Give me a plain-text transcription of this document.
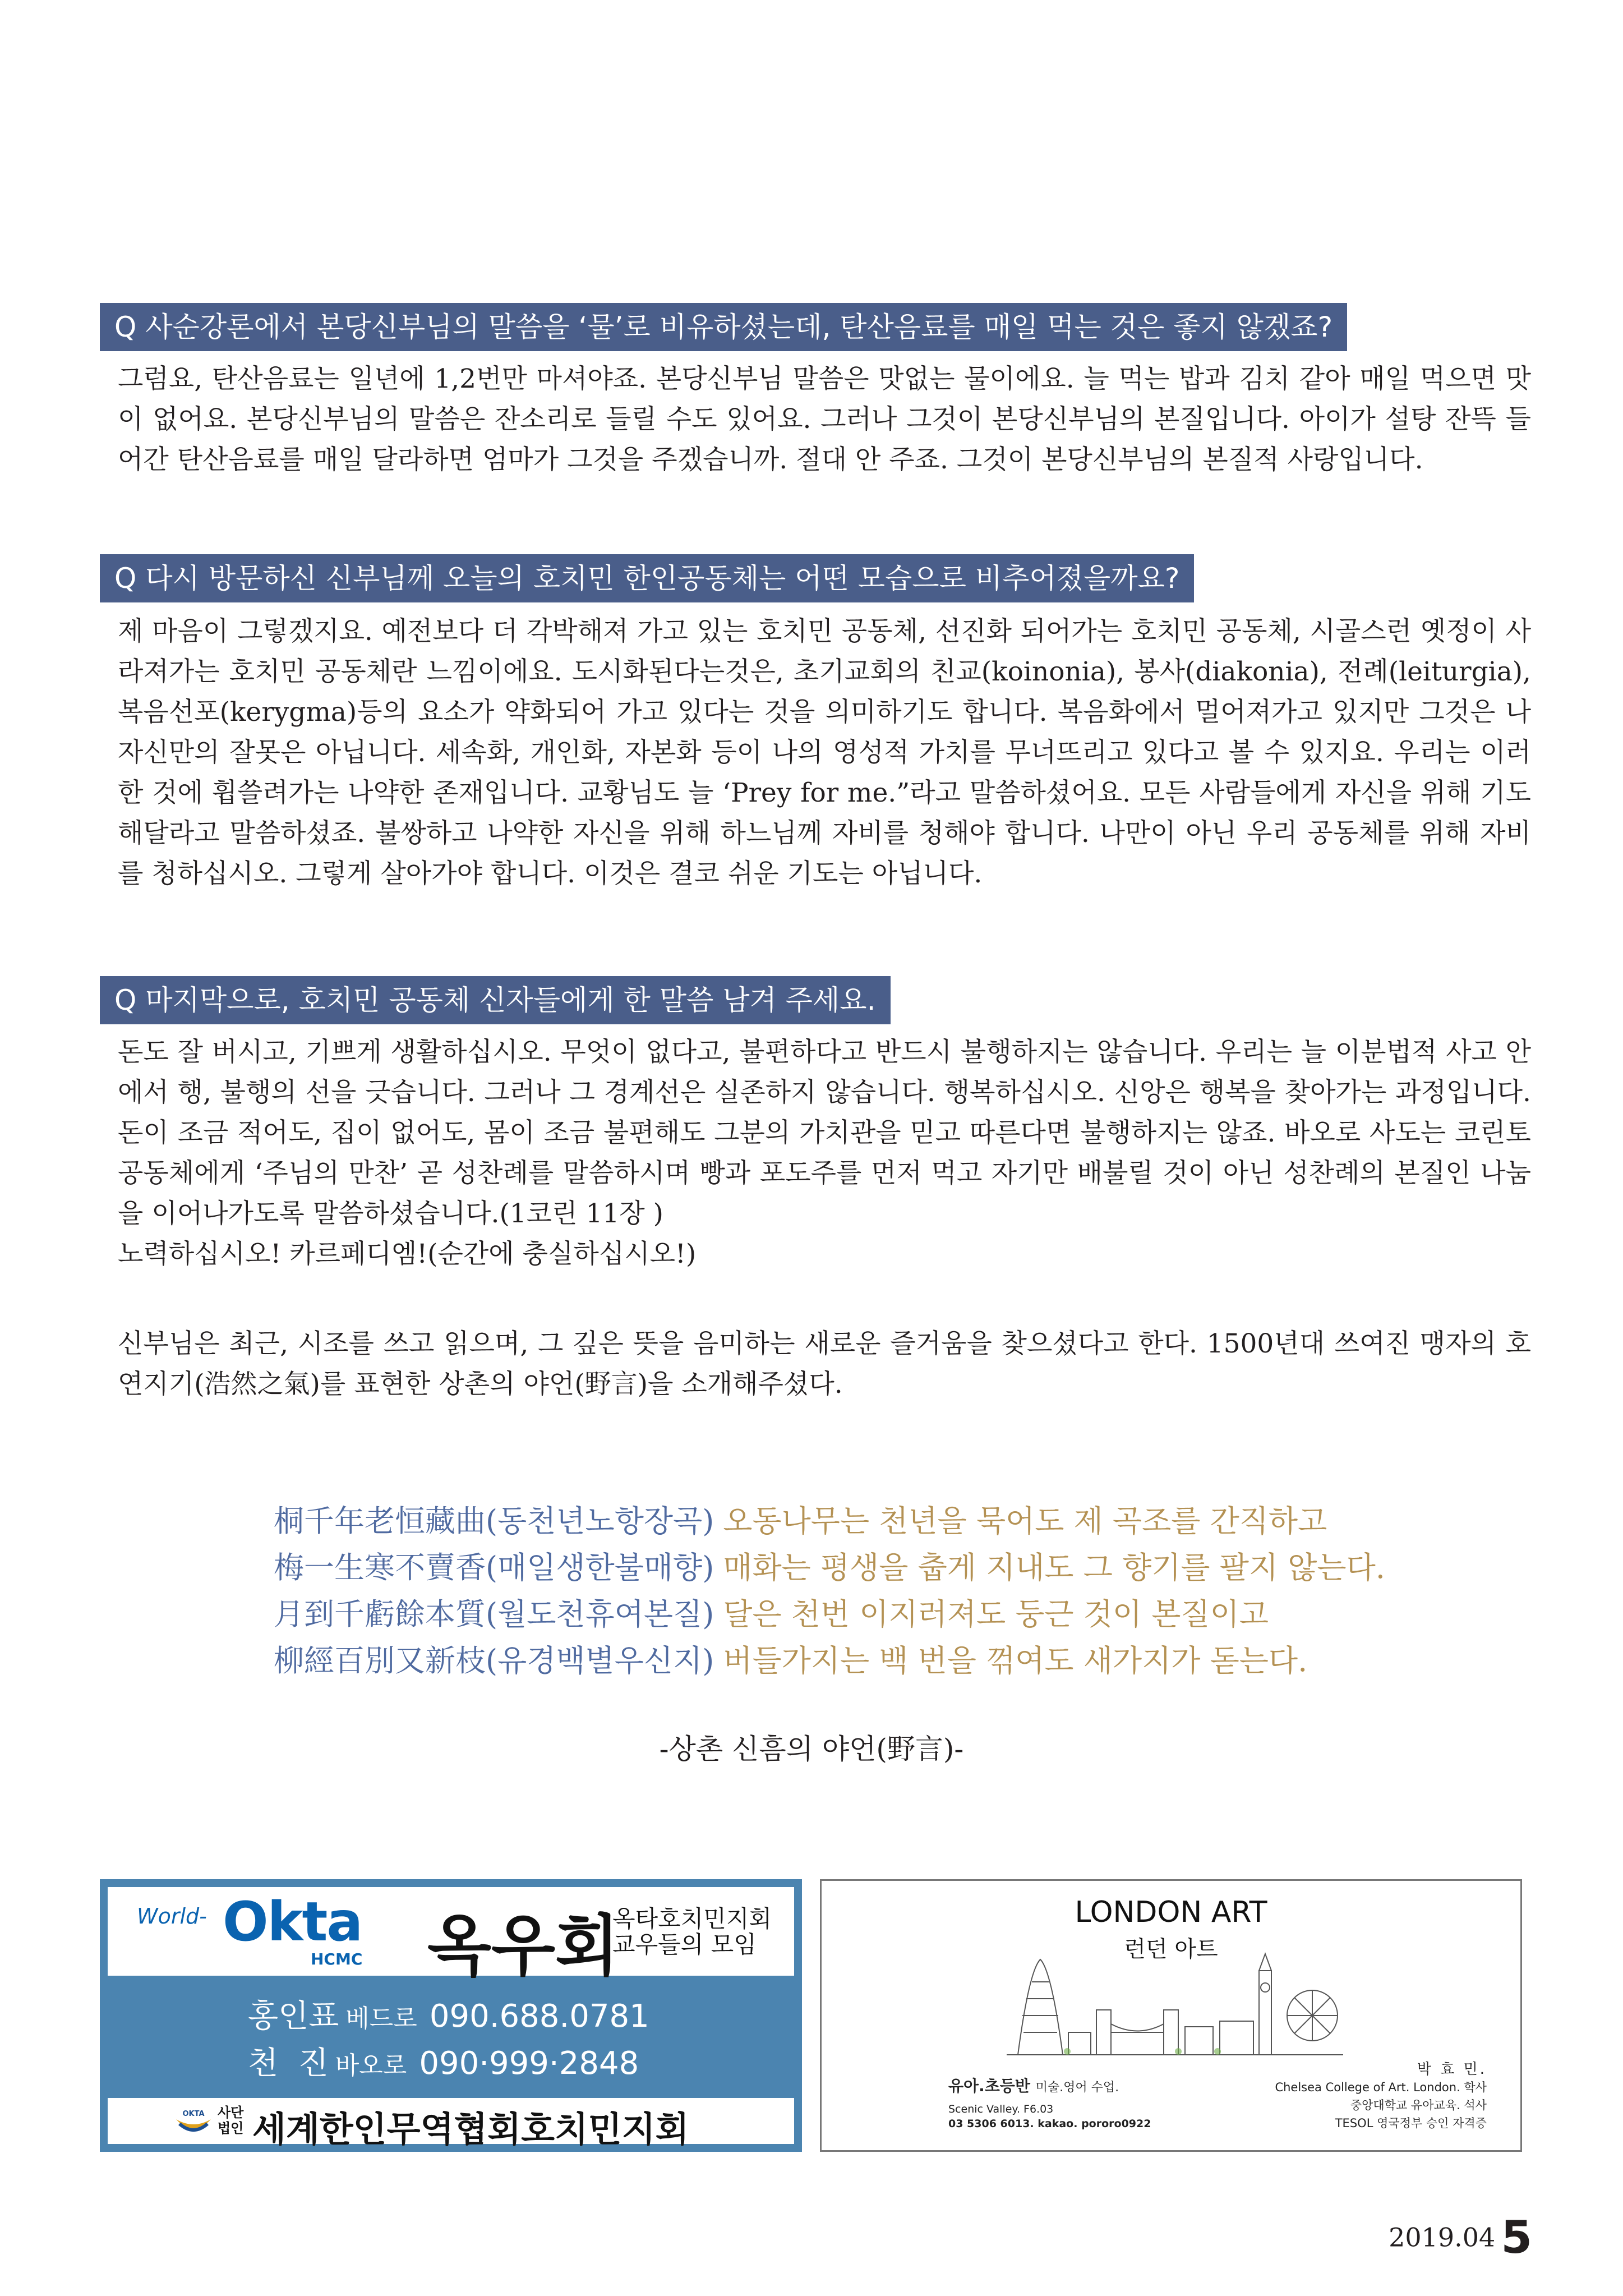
Q 사순강론에서 본당신부님의 말씀을 ‘물’로 비유하셨는데, 탄산음료를 매일 먹는 것은 좋지 않겠죠?

그럼요, 탄산음료는 일년에 1,2번만 마셔야죠. 본당신부님 말씀은 맛없는 물이에요. 늘 먹는 밥과 김치 같아 매일 먹으면 맛이 없어요. 본당신부님의 말씀은 잔소리로 들릴 수도 있어요. 그러나 그것이 본당신부님의 본질입니다. 아이가 설탕 잔뜩 들어간 탄산음료를 매일 달라하면 엄마가 그것을 주겠습니까. 절대 안 주죠. 그것이 본당신부님의 본질적 사랑입니다.

Q 다시 방문하신 신부님께 오늘의 호치민 한인공동체는 어떤 모습으로 비추어졌을까요?

제 마음이 그렇겠지요. 예전보다 더 각박해져 가고 있는 호치민 공동체, 선진화 되어가는 호치민 공동체, 시골스런 옛정이 사라져가는 호치민 공동체란 느낌이에요. 도시화된다는것은, 초기교회의 친교(koinonia), 봉사(diakonia), 전례(leiturgia), 복음선포(kerygma)등의 요소가 약화되어 가고 있다는 것을 의미하기도 합니다. 복음화에서 멀어져가고 있지만 그것은 나 자신만의 잘못은 아닙니다. 세속화, 개인화, 자본화 등이 나의 영성적 가치를 무너뜨리고 있다고 볼 수 있지요. 우리는 이러한 것에 휩쓸려가는 나약한 존재입니다. 교황님도 늘 ‘Prey for me.”라고 말씀하셨어요. 모든 사람들에게 자신을 위해 기도해달라고 말씀하셨죠. 불쌍하고 나약한 자신을 위해 하느님께 자비를 청해야 합니다. 나만이 아닌 우리 공동체를 위해 자비를 청하십시오. 그렇게 살아가야 합니다. 이것은 결코 쉬운 기도는 아닙니다.

Q 마지막으로, 호치민 공동체 신자들에게 한 말씀 남겨 주세요.

돈도 잘 버시고, 기쁘게 생활하십시오. 무엇이 없다고, 불편하다고 반드시 불행하지는 않습니다. 우리는 늘 이분법적 사고 안에서 행, 불행의 선을 긋습니다. 그러나 그 경계선은 실존하지 않습니다. 행복하십시오. 신앙은 행복을 찾아가는 과정입니다. 돈이 조금 적어도, 집이 없어도, 몸이 조금 불편해도 그분의 가치관을 믿고 따른다면 불행하지는 않죠. 바오로 사도는 코린토 공동체에게 ‘주님의 만찬’ 곧 성찬례를 말씀하시며 빵과 포도주를 먼저 먹고 자기만 배불릴 것이 아닌 성찬례의 본질인 나눔을 이어나가도록 말씀하셨습니다.(1코린 11장 )

노력하십시오! 카르페디엠!(순간에 충실하십시오!)

신부님은 최근, 시조를 쓰고 읽으며, 그 깊은 뜻을 음미하는 새로운 즐거움을 찾으셨다고 한다. 1500년대 쓰여진 맹자의 호연지기(浩然之氣)를 표현한 상촌의 야언(野言)을 소개해주셨다.

桐千年老恒藏曲(동천년노항장곡) 오동나무는 천년을 묵어도 제 곡조를 간직하고
梅一生寒不賣香(매일생한불매향) 매화는 평생을 춥게 지내도 그 향기를 팔지 않는다.
月到千虧餘本質(월도천휴여본질) 달은 천번 이지러져도 둥근 것이 본질이고
柳經百別又新枝(유경백별우신지) 버들가지는 백 번을 꺾여도 새가지가 돋는다.
-상촌 신흠의 야언(野言)-
World- Okta
HCMC 옥우회
옥타호치민지회
교우들의 모임
홍인표 베드로 090.688.0781
천  진 바오로 090·999·2848
OKTA 사단
법인 세계한인무역협회호치민지회
LONDON ART
런던 아트
유아.초등반 미술.영어 수업.
Scenic Valley. F6.03
03 5306 6013. kakao. pororo0922
박 효 민.
Chelsea College of Art. London. 학사
중앙대학교 유아교육. 석사
TESOL 영국정부 승인 자격증
2019.04 5
